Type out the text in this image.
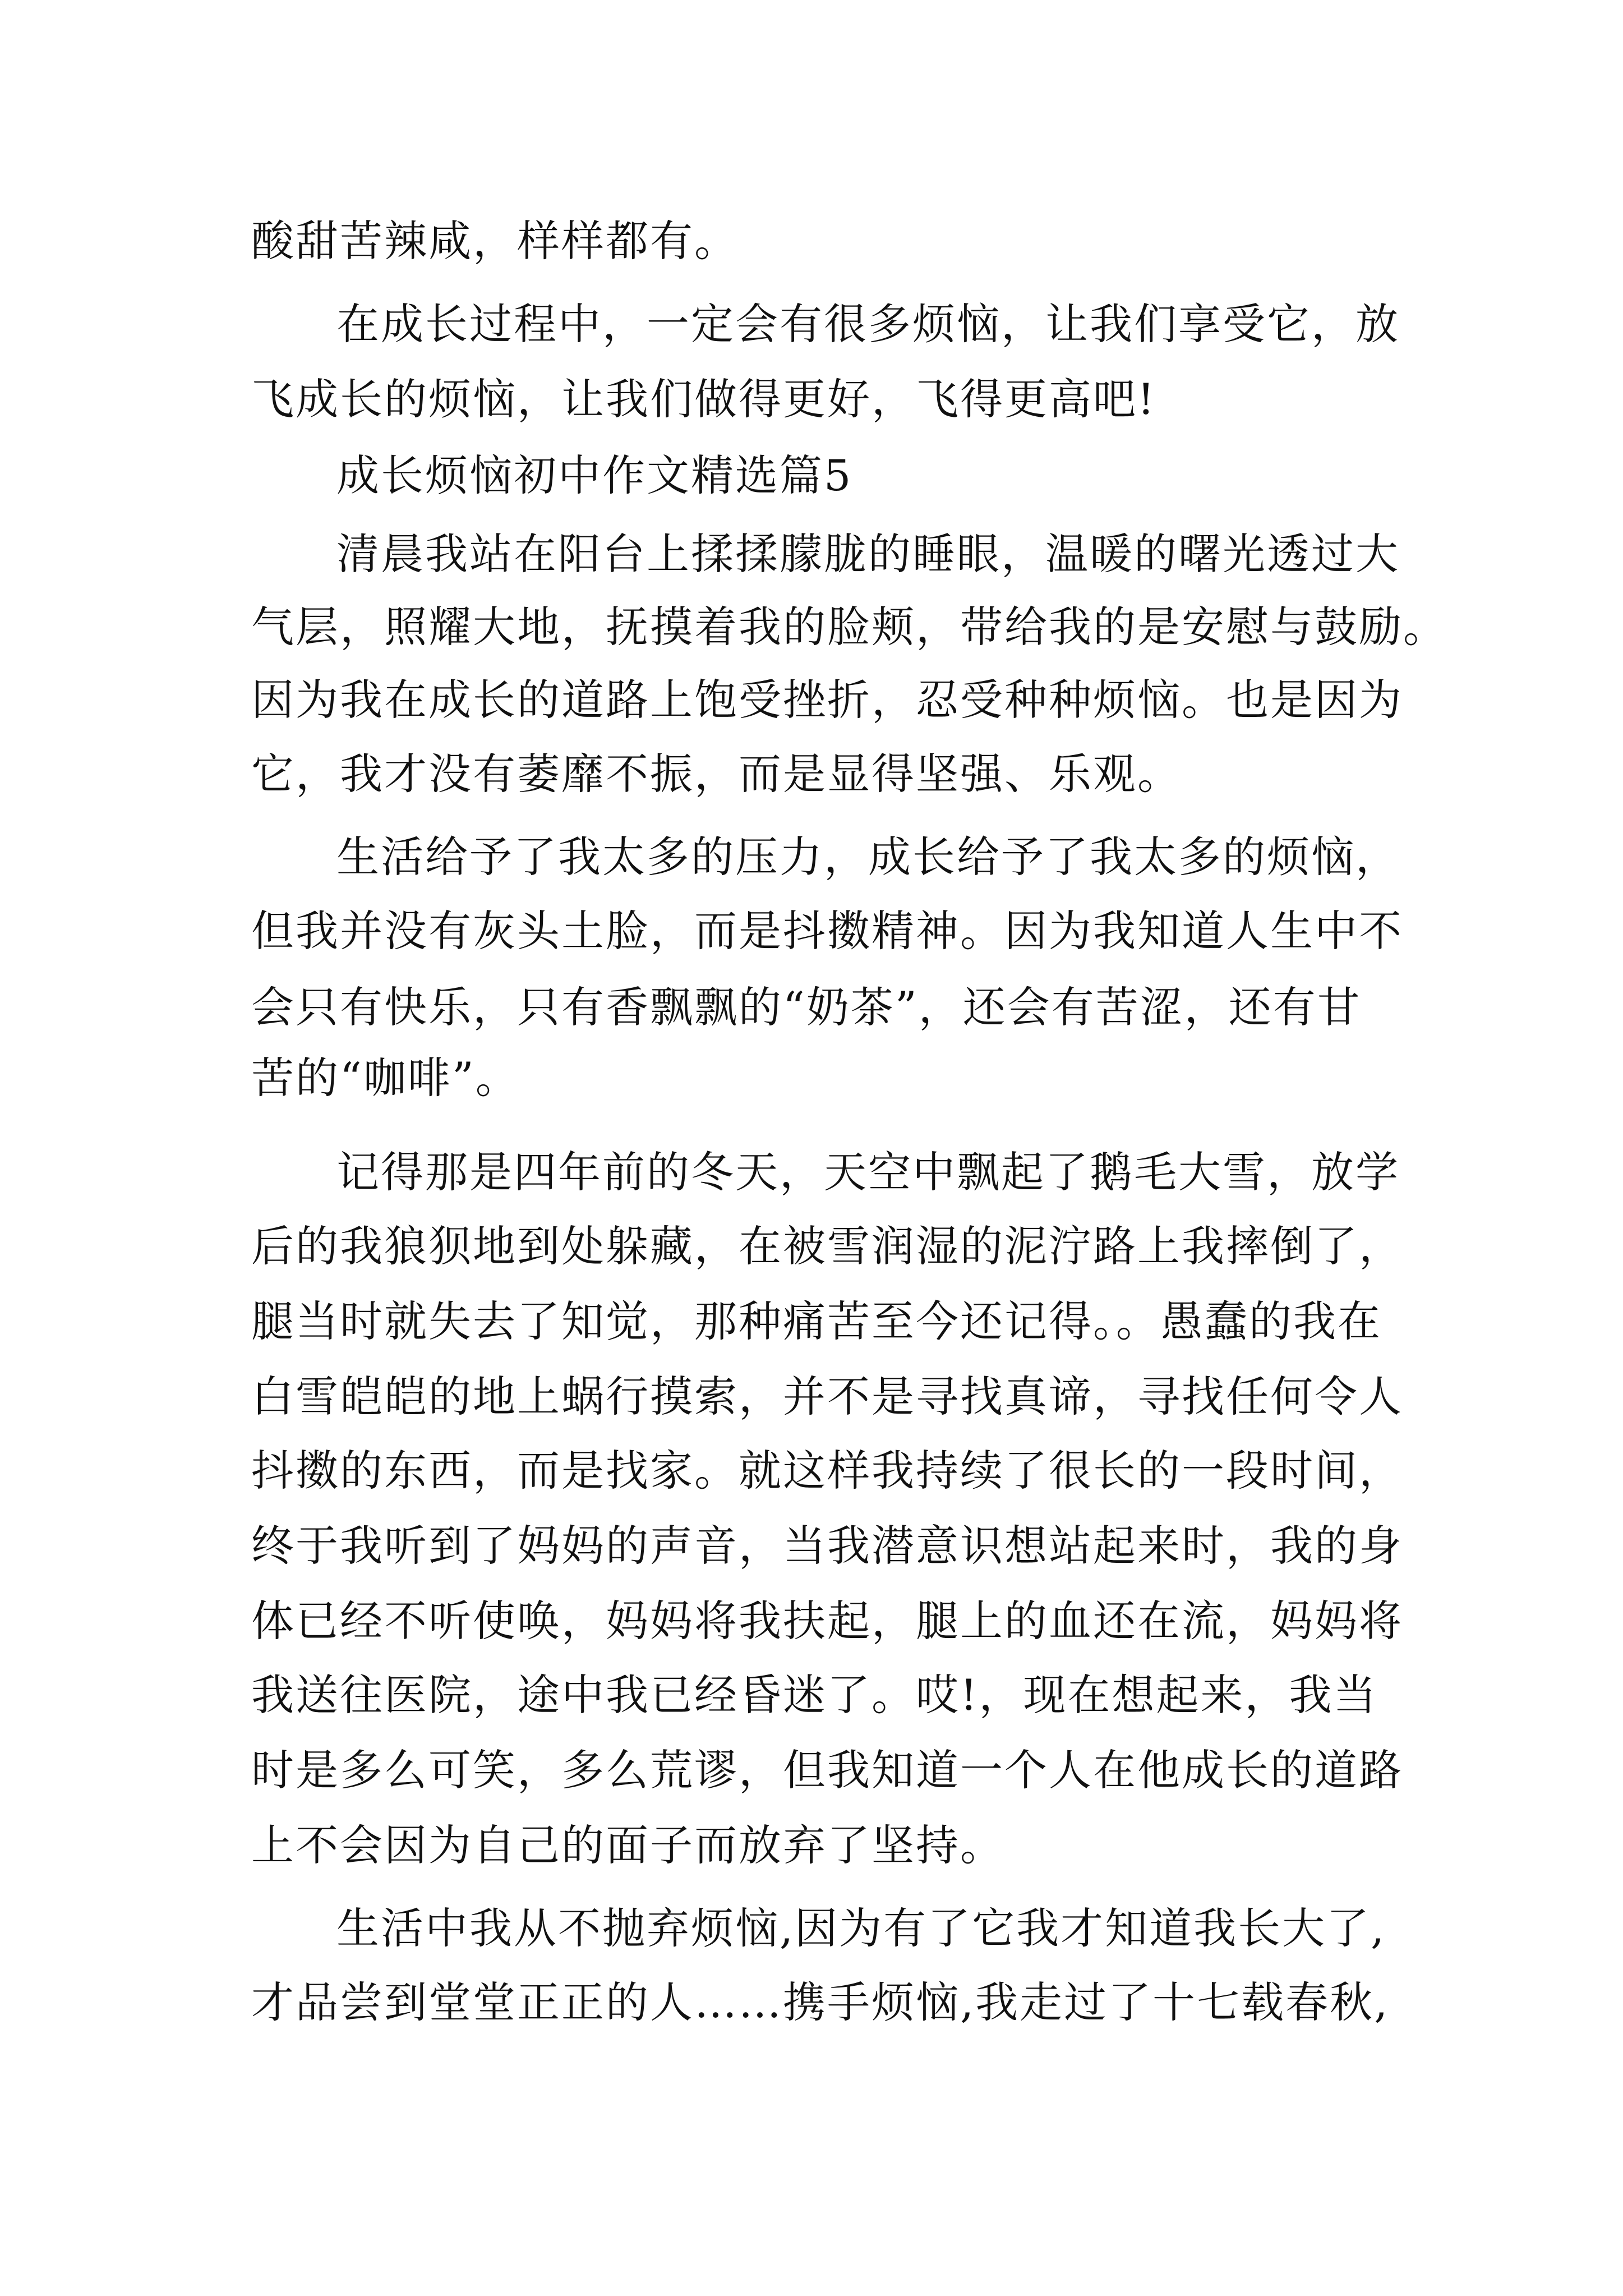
酸甜苦辣咸，样样都有。
在成长过程中，一定会有很多烦恼，让我们享受它，放
飞成长的烦恼，让我们做得更好，飞得更高吧!
成长烦恼初中作文精选篇5
清晨我站在阳台上揉揉朦胧的睡眼，温暖的曙光透过大
气层，照耀大地，抚摸着我的脸颊，带给我的是安慰与鼓励。
因为我在成长的道路上饱受挫折，忍受种种烦恼。也是因为
它，我才没有萎靡不振，而是显得坚强、乐观。
生活给予了我太多的压力，成长给予了我太多的烦恼，
但我并没有灰头土脸，而是抖擞精神。因为我知道人生中不
会只有快乐，只有香飘飘的“奶茶”，还会有苦涩，还有甘
苦的“咖啡”。
记得那是四年前的冬天，天空中飘起了鹅毛大雪，放学
后的我狼狈地到处躲藏，在被雪润湿的泥泞路上我摔倒了，
腿当时就失去了知觉，那种痛苦至今还记得。。愚蠢的我在
白雪皑皑的地上蜗行摸索，并不是寻找真谛，寻找任何令人
抖擞的东西，而是找家。就这样我持续了很长的一段时间，
终于我听到了妈妈的声音，当我潜意识想站起来时，我的身
体已经不听使唤，妈妈将我扶起，腿上的血还在流，妈妈将
我送往医院，途中我已经昏迷了。哎!，现在想起来，我当
时是多么可笑，多么荒谬，但我知道一个人在他成长的道路
上不会因为自己的面子而放弃了坚持。
生活中我从不抛弃烦恼,因为有了它我才知道我长大了,
才品尝到堂堂正正的人……携手烦恼,我走过了十七载春秋,
